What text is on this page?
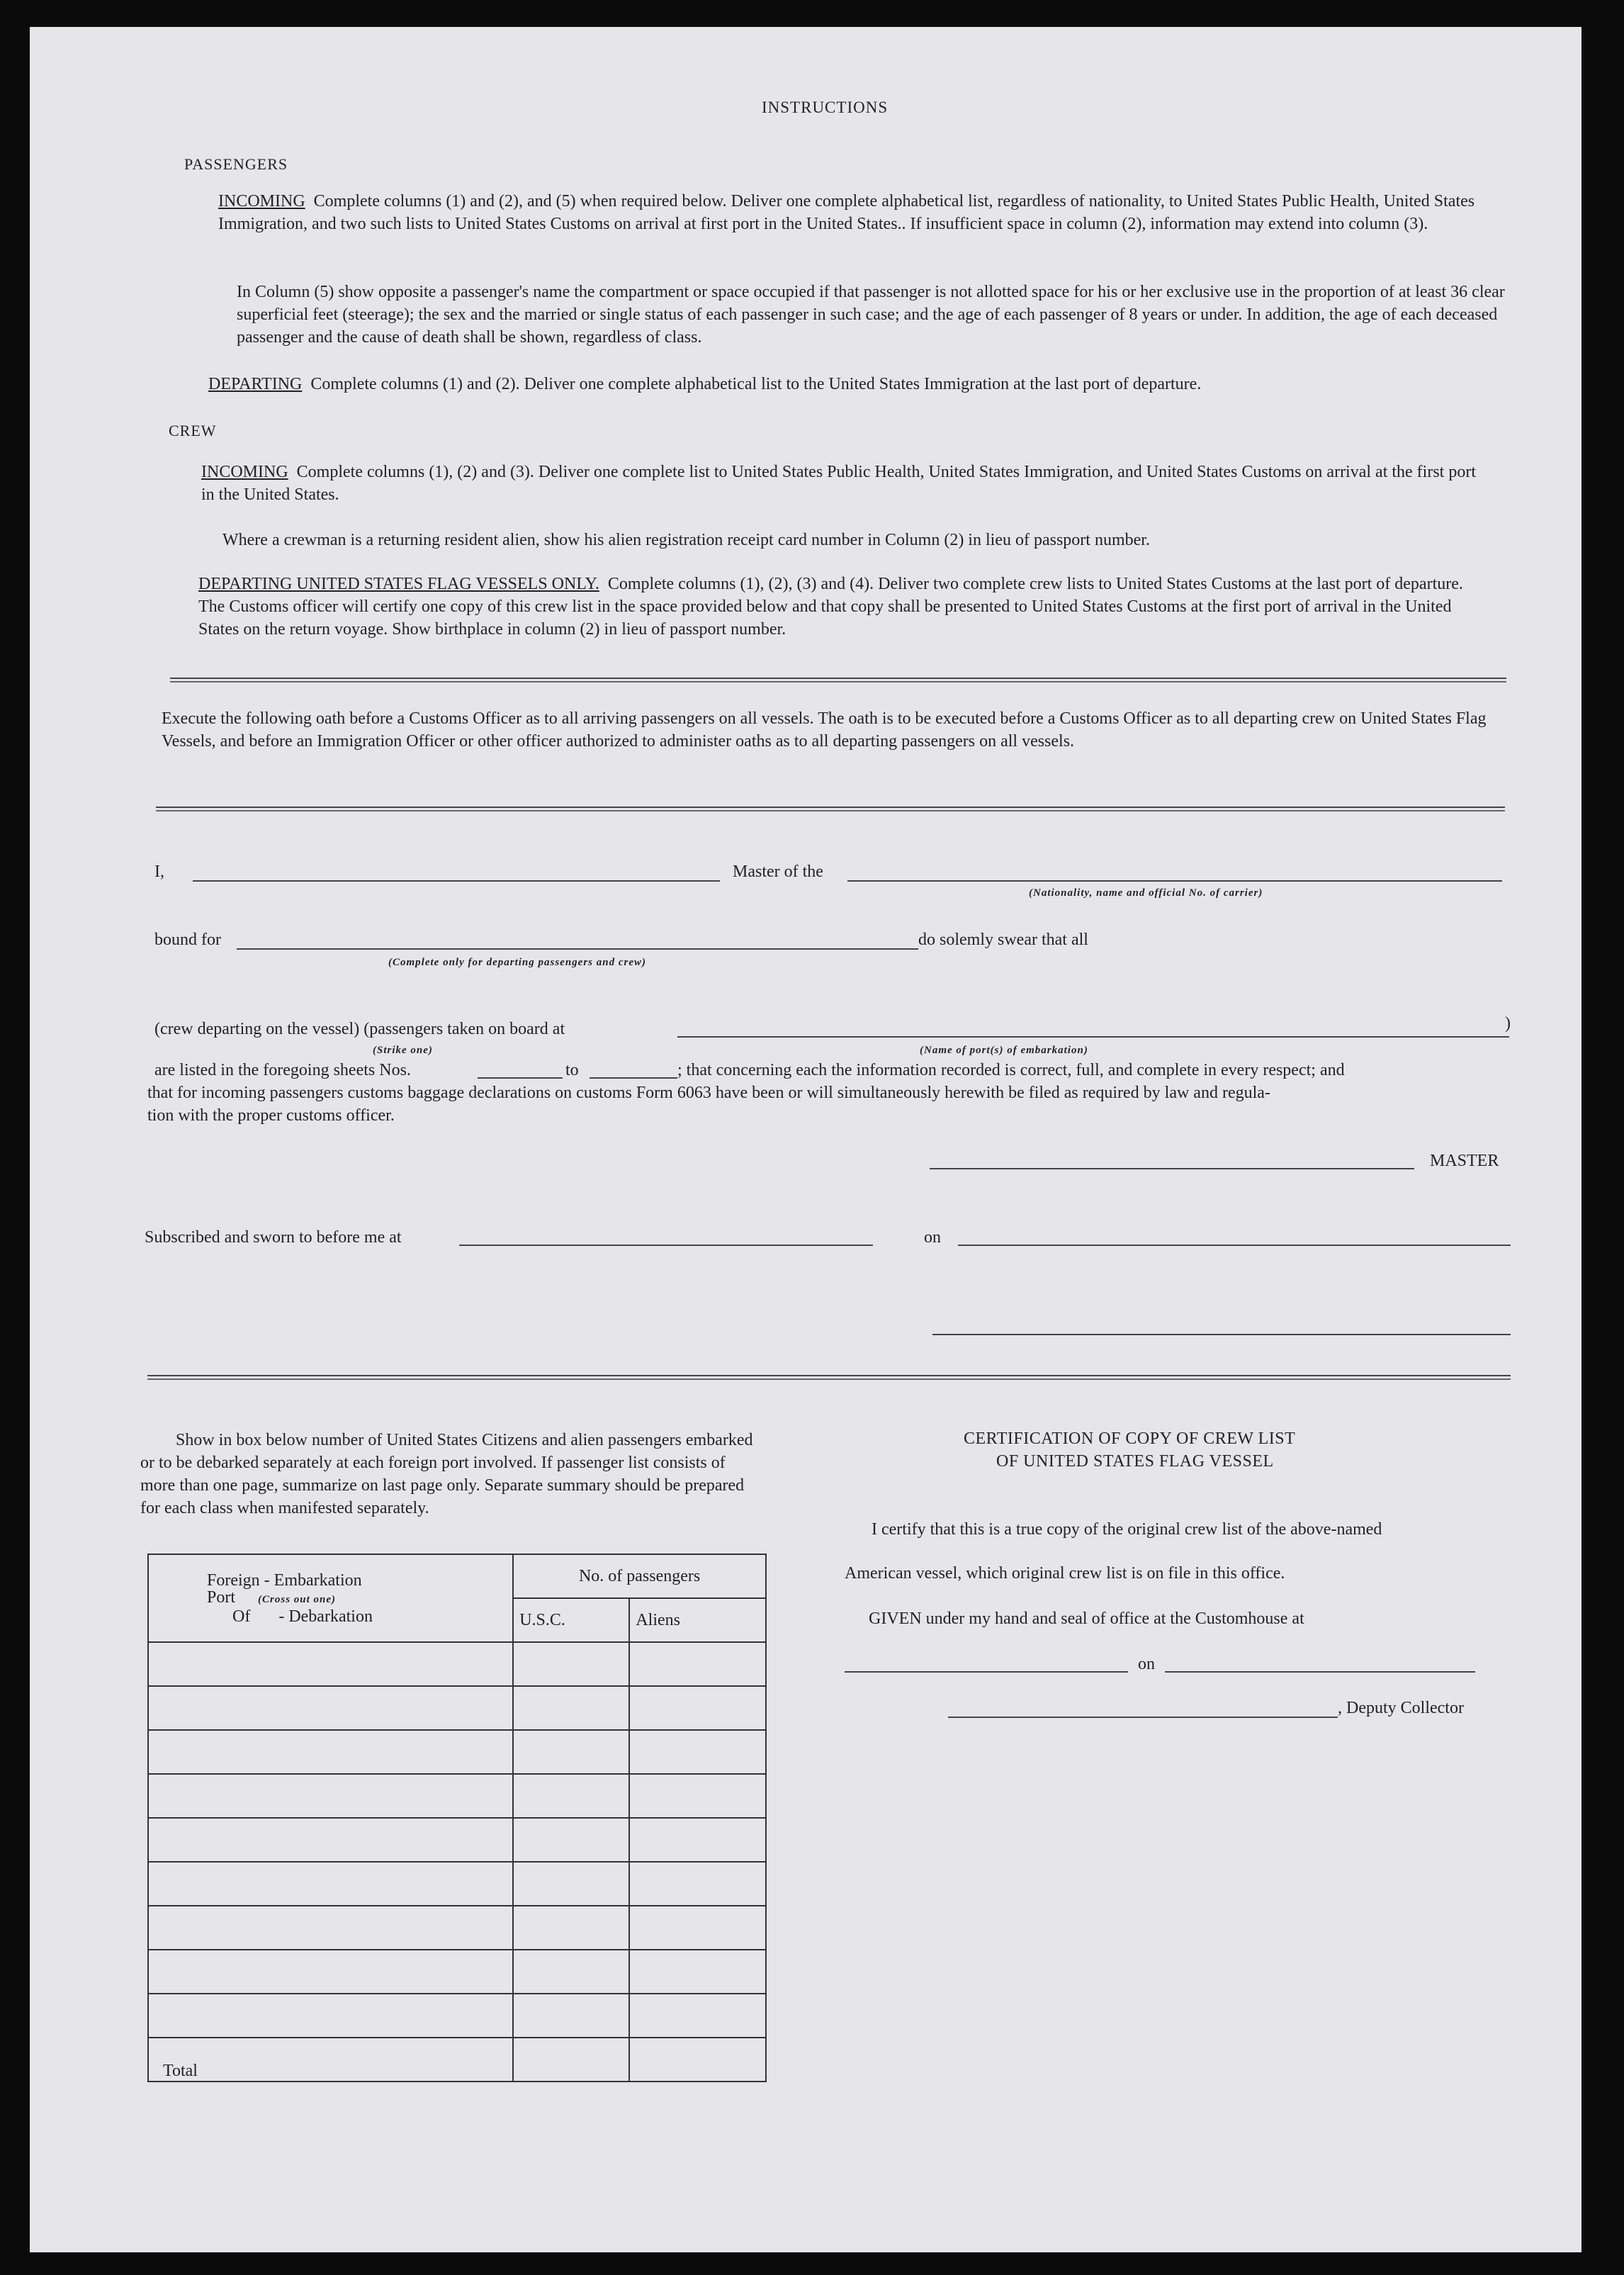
INSTRUCTIONS
PASSENGERS
INCOMING Complete columns (1) and (2), and (5) when required below. Deliver one complete alphabetical list, regardless of nationality, to United States Public Health, United States Immigration, and two such lists to United States Customs on arrival at first port in the United States.. If insufficient space in column (2), information may extend into column (3).
In Column (5) show opposite a passenger's name the compartment or space occupied if that passenger is not allotted space for his or her exclusive use in the proportion of at least 36 clear superficial feet (steerage); the sex and the married or single status of each passenger in such case; and the age of each passenger of 8 years or under. In addition, the age of each deceased passenger and the cause of death shall be shown, regardless of class.
DEPARTING Complete columns (1) and (2). Deliver one complete alphabetical list to the United States Immigration at the last port of departure.
CREW
INCOMING Complete columns (1), (2) and (3). Deliver one complete list to United States Public Health, United States Immigration, and United States Customs on arrival at the first port in the United States.
Where a crewman is a returning resident alien, show his alien registration receipt card number in Column (2) in lieu of passport number.
DEPARTING UNITED STATES FLAG VESSELS ONLY. Complete columns (1), (2), (3) and (4). Deliver two complete crew lists to United States Customs at the last port of departure. The Customs officer will certify one copy of this crew list in the space provided below and that copy shall be presented to United States Customs at the first port of arrival in the United States on the return voyage. Show birthplace in column (2) in lieu of passport number.
Execute the following oath before a Customs Officer as to all arriving passengers on all vessels. The oath is to be executed before a Customs Officer as to all departing crew on United States Flag Vessels, and before an Immigration Officer or other officer authorized to administer oaths as to all departing passengers on all vessels.
I,	Master of the
(Nationality, name and official No. of carrier)
bound for
(Complete only for departing passengers and crew)
do solemly swear that all
(crew departing on the vessel) (passengers taken on board at
(Strike one)	(Name of port(s) of embarkation)
)
are listed in the foregoing sheets Nos.	to	; that concerning each the information recorded is correct, full, and complete in every respect; and
that for incoming passengers customs baggage declarations on customs Form 6063 have been or will simultaneously herewith be filed as required by law and regula-
tion with the proper customs officer.
MASTER
Subscribed and sworn to before me at	on
Show in box below number of United States Citizens and alien passengers embarked or to be debarked separately at each foreign port involved. If passenger list consists of more than one page, summarize on last page only. Separate summary should be prepared for each class when manifested separately.
Foreign - Embarkation
Port (Cross out one)
Of - Debarkation	No. of passengers	
	U.S.C.	Aliens

Total		
CERTIFICATION OF COPY OF CREW LIST
OF UNITED STATES FLAG VESSEL
I certify that this is a true copy of the original crew list of the above-named
American vessel, which original crew list is on file in this office.
GIVEN under my hand and seal of office at the Customhouse at
on
, Deputy Collector
